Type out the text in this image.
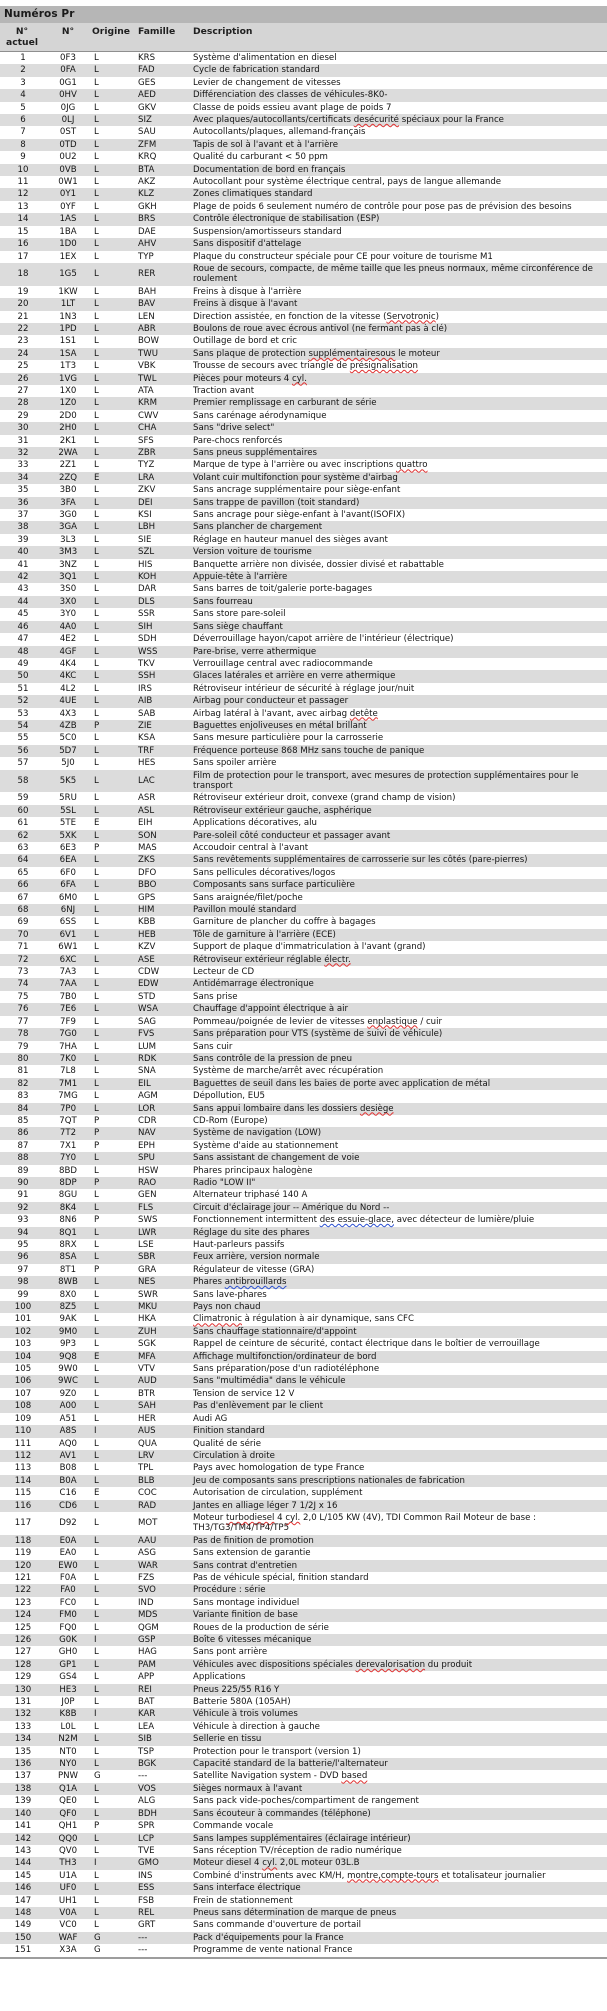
Numéros Pr
N°
actuel	N°	Origine	Famille	Description
1	0F3	L	KRS	Système d'alimentation en diesel
2	0FA	L	FAD	Cycle de fabrication standard
3	0G1	L	GES	Levier de changement de vitesses
4	0HV	L	AED	Différenciation des classes de véhicules-8K0-
5	0JG	L	GKV	Classe de poids essieu avant plage de poids 7
6	0LJ	L	SIZ	Avec plaques/autocollants/certificats desécurité spéciaux pour la France
7	0ST	L	SAU	Autocollants/plaques, allemand-français
8	0TD	L	ZFM	Tapis de sol à l'avant et à l'arrière
9	0U2	L	KRQ	Qualité du carburant < 50 ppm
10	0VB	L	BTA	Documentation de bord en français
11	0W1	L	AKZ	Autocollant pour système électrique central, pays de langue allemande
12	0Y1	L	KLZ	Zones climatiques standard
13	0YF	L	GKH	Plage de poids 6 seulement numéro de contrôle pour pose pas de prévision des besoins
14	1AS	L	BRS	Contrôle électronique de stabilisation (ESP)
15	1BA	L	DAE	Suspension/amortisseurs standard
16	1D0	L	AHV	Sans dispositif d'attelage
17	1EX	L	TYP	Plaque du constructeur spéciale pour CE pour voiture de tourisme M1
18	1G5	L	RER	Roue de secours, compacte, de même taille que les pneus normaux, même circonférence de roulement
19	1KW	L	BAH	Freins à disque à l'arrière
20	1LT	L	BAV	Freins à disque à l'avant
21	1N3	L	LEN	Direction assistée, en fonction de la vitesse (Servotronic)
22	1PD	L	ABR	Boulons de roue avec écrous antivol (ne fermant pas à clé)
23	1S1	L	BOW	Outillage de bord et cric
24	1SA	L	TWU	Sans plaque de protection supplémentairesous le moteur
25	1T3	L	VBK	Trousse de secours avec triangle de présignalisation
26	1VG	L	TWL	Pièces pour moteurs 4 cyl.
27	1X0	L	ATA	Traction avant
28	1Z0	L	KRM	Premier remplissage en carburant de série
29	2D0	L	CWV	Sans carénage aérodynamique
30	2H0	L	CHA	Sans "drive select"
31	2K1	L	SFS	Pare-chocs renforcés
32	2WA	L	ZBR	Sans pneus supplémentaires
33	2Z1	L	TYZ	Marque de type à l'arrière ou avec inscriptions quattro
34	2ZQ	E	LRA	Volant cuir multifonction pour système d'airbag
35	3B0	L	ZKV	Sans ancrage supplémentaire pour siège-enfant
36	3FA	L	DEI	Sans trappe de pavillon (toit standard)
37	3G0	L	KSI	Sans ancrage pour siège-enfant à l'avant(ISOFIX)
38	3GA	L	LBH	Sans plancher de chargement
39	3L3	L	SIE	Réglage en hauteur manuel des sièges avant
40	3M3	L	SZL	Version voiture de tourisme
41	3NZ	L	HIS	Banquette arrière non divisée, dossier divisé et rabattable
42	3Q1	L	KOH	Appuie-tête à l'arrière
43	3S0	L	DAR	Sans barres de toit/galerie porte-bagages
44	3X0	L	DLS	Sans fourreau
45	3Y0	L	SSR	Sans store pare-soleil
46	4A0	L	SIH	Sans siège chauffant
47	4E2	L	SDH	Déverrouillage hayon/capot arrière de l'intérieur (électrique)
48	4GF	L	WSS	Pare-brise, verre athermique
49	4K4	L	TKV	Verrouillage central avec radiocommande
50	4KC	L	SSH	Glaces latérales et arrière en verre athermique
51	4L2	L	IRS	Rétroviseur intérieur de sécurité à réglage jour/nuit
52	4UE	L	AIB	Airbag pour conducteur et passager
53	4X3	L	SAB	Airbag latéral à l'avant, avec airbag detête
54	4ZB	P	ZIE	Baguettes enjoliveuses en métal brillant
55	5C0	L	KSA	Sans mesure particulière pour la carrosserie
56	5D7	L	TRF	Fréquence porteuse 868 MHz sans touche de panique
57	5J0	L	HES	Sans spoiler arrière
58	5K5	L	LAC	Film de protection pour le transport, avec mesures de protection supplémentaires pour le transport
59	5RU	L	ASR	Rétroviseur extérieur droit, convexe (grand champ de vision)
60	5SL	L	ASL	Rétroviseur extérieur gauche, asphérique
61	5TE	E	EIH	Applications décoratives, alu
62	5XK	L	SON	Pare-soleil côté conducteur et passager avant
63	6E3	P	MAS	Accoudoir central à l'avant
64	6EA	L	ZKS	Sans revêtements supplémentaires de carrosserie sur les côtés (pare-pierres)
65	6F0	L	DFO	Sans pellicules décoratives/logos
66	6FA	L	BBO	Composants sans surface particulière
67	6M0	L	GPS	Sans araignée/filet/poche
68	6NJ	L	HIM	Pavillon moulé standard
69	6SS	L	KBB	Garniture de plancher du coffre à bagages
70	6V1	L	HEB	Tôle de garniture à l'arrière (ECE)
71	6W1	L	KZV	Support de plaque d'immatriculation à l'avant (grand)
72	6XC	L	ASE	Rétroviseur extérieur réglable électr.
73	7A3	L	CDW	Lecteur de CD
74	7AA	L	EDW	Antidémarrage électronique
75	7B0	L	STD	Sans prise
76	7E6	L	WSA	Chauffage d'appoint électrique à air
77	7F9	L	SAG	Pommeau/poignée de levier de vitesses enplastique / cuir
78	7G0	L	FVS	Sans préparation pour VTS (système de suivi de véhicule)
79	7HA	L	LUM	Sans cuir
80	7K0	L	RDK	Sans contrôle de la pression de pneu
81	7L8	L	SNA	Système de marche/arrêt avec récupération
82	7M1	L	EIL	Baguettes de seuil dans les baies de porte avec application de métal
83	7MG	L	AGM	Dépollution, EU5
84	7P0	L	LOR	Sans appui lombaire dans les dossiers desiège
85	7QT	P	CDR	CD-Rom (Europe)
86	7T2	P	NAV	Système de navigation (LOW)
87	7X1	P	EPH	Système d'aide au stationnement
88	7Y0	L	SPU	Sans assistant de changement de voie
89	8BD	L	HSW	Phares principaux halogène
90	8DP	P	RAO	Radio "LOW II"
91	8GU	L	GEN	Alternateur triphasé 140 A
92	8K4	L	FLS	Circuit d'éclairage jour -- Amérique du Nord --
93	8N6	P	SWS	Fonctionnement intermittent des essuie-glace, avec détecteur de lumière/pluie
94	8Q1	L	LWR	Réglage du site des phares
95	8RX	L	LSE	Haut-parleurs passifs
96	8SA	L	SBR	Feux arrière, version normale
97	8T1	P	GRA	Régulateur de vitesse (GRA)
98	8WB	L	NES	Phares antibrouillards
99	8X0	L	SWR	Sans lave-phares
100	8Z5	L	MKU	Pays non chaud
101	9AK	L	HKA	Climatronic à régulation à air dynamique, sans CFC
102	9M0	L	ZUH	Sans chauffage stationnaire/d'appoint
103	9P3	L	SGK	Rappel de ceinture de sécurité, contact électrique dans le boîtier de verrouillage
104	9Q8	E	MFA	Affichage multifonction/ordinateur de bord
105	9W0	L	VTV	Sans préparation/pose d'un radiotéléphone
106	9WC	L	AUD	Sans "multimédia" dans le véhicule
107	9Z0	L	BTR	Tension de service 12 V
108	A00	L	SAH	Pas d'enlèvement par le client
109	A51	L	HER	Audi AG
110	A8S	I	AUS	Finition standard
111	AQ0	L	QUA	Qualité de série
112	AV1	L	LRV	Circulation à droite
113	B08	L	TPL	Pays avec homologation de type France
114	B0A	L	BLB	Jeu de composants sans prescriptions nationales de fabrication
115	C16	E	COC	Autorisation de circulation, supplément
116	CD6	L	RAD	Jantes en alliage léger 7 1/2J x 16
117	D92	L	MOT	Moteur turbodiesel 4 cyl. 2,0 L/105 KW (4V), TDI Common Rail Moteur de base : TH3/TG3/TM4/TP4/TP5
118	E0A	L	AAU	Pas de finition de promotion
119	EA0	L	ASG	Sans extension de garantie
120	EW0	L	WAR	Sans contrat d'entretien
121	F0A	L	FZS	Pas de véhicule spécial, finition standard
122	FA0	L	SVO	Procédure : série
123	FC0	L	IND	Sans montage individuel
124	FM0	L	MDS	Variante finition de base
125	FQ0	L	QGM	Roues de la production de série
126	G0K	I	GSP	Boîte 6 vitesses mécanique
127	GH0	L	HAG	Sans pont arrière
128	GP1	L	PAM	Véhicules avec dispositions spéciales derevalorisation du produit
129	GS4	L	APP	Applications
130	HE3	L	REI	Pneus 225/55 R16 Y
131	J0P	L	BAT	Batterie 580A (105AH)
132	K8B	I	KAR	Véhicule à trois volumes
133	L0L	L	LEA	Véhicule à direction à gauche
134	N2M	L	SIB	Sellerie en tissu
135	NT0	L	TSP	Protection pour le transport (version 1)
136	NY0	L	BGK	Capacité standard de la batterie/l'alternateur
137	PNW	G	---	Satellite Navigation system - DVD based
138	Q1A	L	VOS	Sièges normaux à l'avant
139	QE0	L	ALG	Sans pack vide-poches/compartiment de rangement
140	QF0	L	BDH	Sans écouteur à commandes (téléphone)
141	QH1	P	SPR	Commande vocale
142	QQ0	L	LCP	Sans lampes supplémentaires (éclairage intérieur)
143	QV0	L	TVE	Sans réception TV/réception de radio numérique
144	TH3	I	GMO	Moteur diesel 4 cyl. 2,0L moteur 03L.B
145	U1A	L	INS	Combiné d'instruments avec KM/H, montre,compte-tours et totalisateur journalier
146	UF0	L	ESS	Sans interface électrique
147	UH1	L	FSB	Frein de stationnement
148	V0A	L	REL	Pneus sans détermination de marque de pneus
149	VC0	L	GRT	Sans commande d'ouverture de portail
150	WAF	G	---	Pack d'équipements pour la France
151	X3A	G	---	Programme de vente national France
